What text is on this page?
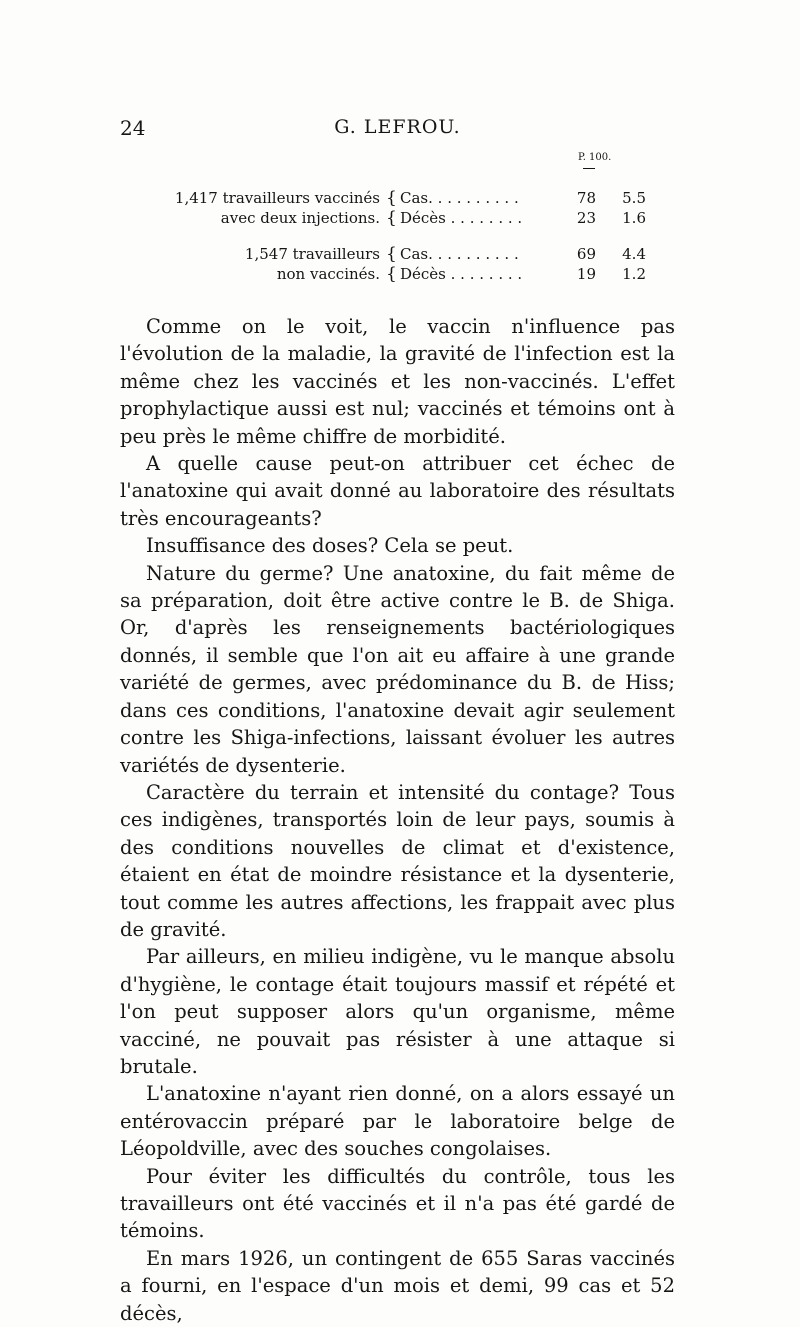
24	G. LEFROU.
P. 100.
1,417 travailleurs vaccinés { Cas. . . . . . . . . .	78	5.5
avec deux injections. { Décès . . . . . . . .	23	1.6
1,547 travailleurs { Cas. . . . . . . . . .	69	4.4
non vaccinés. { Décès . . . . . . . .	19	1.2

Comme on le voit, le vaccin n'influence pas l'évolution de la maladie, la gravité de l'infection est la même chez les vaccinés et les non-vaccinés. L'effet prophylactique aussi est nul; vaccinés et témoins ont à peu près le même chiffre de morbidité.

A quelle cause peut-on attribuer cet échec de l'anatoxine qui avait donné au laboratoire des résultats très encourageants?

Insuffisance des doses? Cela se peut.

Nature du germe? Une anatoxine, du fait même de sa préparation, doit être active contre le B. de Shiga. Or, d'après les renseignements bactériologiques donnés, il semble que l'on ait eu affaire à une grande variété de germes, avec prédominance du B. de Hiss; dans ces conditions, l'anatoxine devait agir seulement contre les Shiga-infections, laissant évoluer les autres variétés de dysenterie.

Caractère du terrain et intensité du contage? Tous ces indigènes, transportés loin de leur pays, soumis à des conditions nouvelles de climat et d'existence, étaient en état de moindre résistance et la dysenterie, tout comme les autres affections, les frappait avec plus de gravité.

Par ailleurs, en milieu indigène, vu le manque absolu d'hygiène, le contage était toujours massif et répété et l'on peut supposer alors qu'un organisme, même vacciné, ne pouvait pas résister à une attaque si brutale.

L'anatoxine n'ayant rien donné, on a alors essayé un entérovaccin préparé par le laboratoire belge de Léopoldville, avec des souches congolaises.

Pour éviter les difficultés du contrôle, tous les travailleurs ont été vaccinés et il n'a pas été gardé de témoins.

En mars 1926, un contingent de 655 Saras vaccinés a fourni, en l'espace d'un mois et demi, 99 cas et 52 décès,
